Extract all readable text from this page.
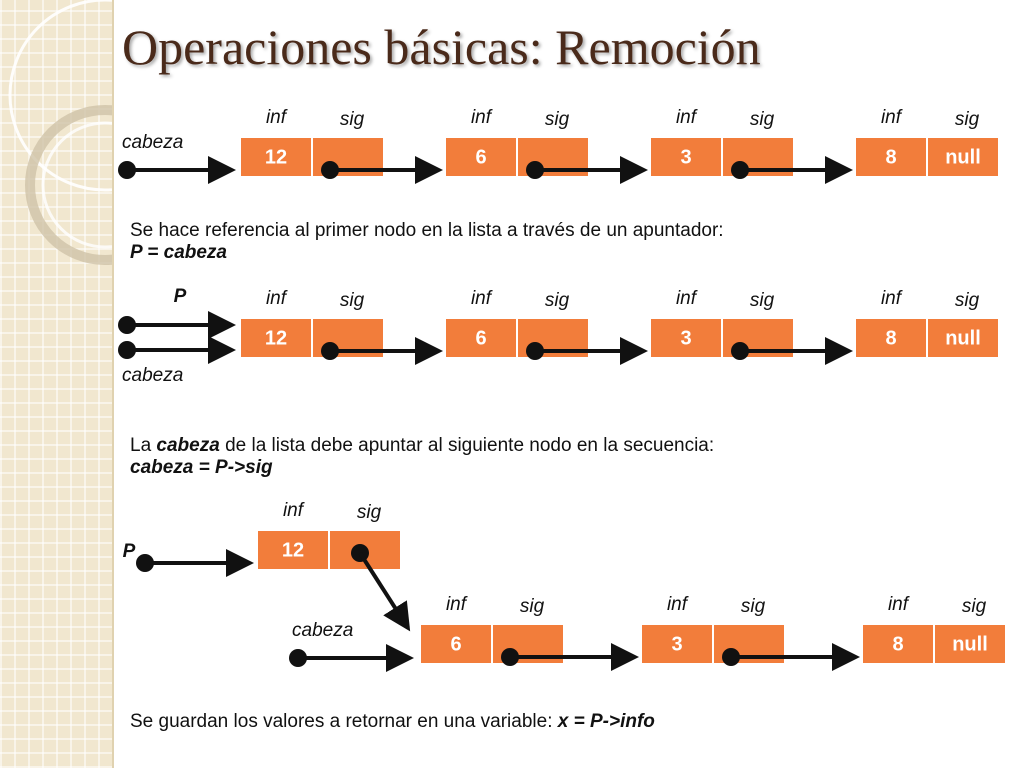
Operaciones básicas: Remoción
inf	sig
12
inf	sig
6
inf	sig
3
inf	sig
8 null
cabeza
inf	sig
12
inf	sig
6
inf	sig
3
inf	sig
8 null
P
cabeza
inf	sig
12
P
inf	sig
6
inf	sig
3
inf	sig
8 null
cabeza

Se hace referencia al primer nodo en la lista a través de un apuntador:
P = cabeza

La cabeza de la lista debe apuntar al siguiente nodo en la secuencia:
cabeza = P->sig

Se guardan los valores a retornar en una variable: x = P->info
